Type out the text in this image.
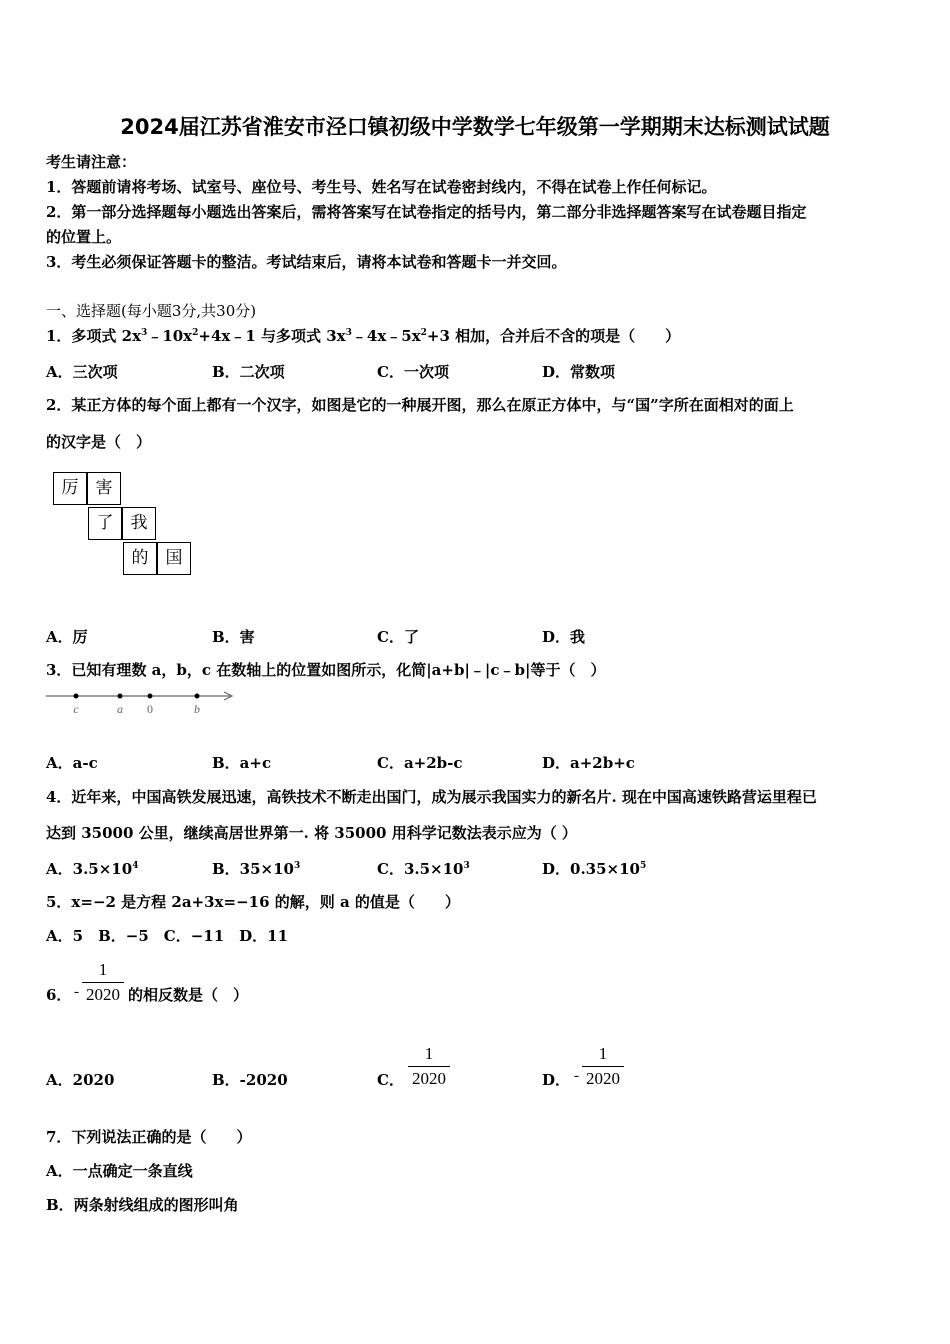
2024届江苏省淮安市泾口镇初级中学数学七年级第一学期期末达标测试试题
考生请注意：
1．答题前请将考场、试室号、座位号、考生号、姓名写在试卷密封线内，不得在试卷上作任何标记。
2．第一部分选择题每小题选出答案后，需将答案写在试卷指定的括号内，第二部分非选择题答案写在试卷题目指定
的位置上。
3．考生必须保证答题卡的整洁。考试结束后，请将本试卷和答题卡一并交回。
一、选择题(每小题3分,共30分)
1．多项式 $2x^3﹣10x^2+4x﹣1$ 与多项式 $3x^3﹣4x﹣5x^2+3$ 相加，合并后不含的项是（　　）
A．三次项	B．二次项	C．一次项	D．常数项
2．某正方体的每个面上都有一个汉字，如图是它的一种展开图，那么在原正方体中，与“国”字所在面相对的面上
的汉字是（　）
厉	害
了	我
的	国
A．厉	B．害	C．了	D．我
3．已知有理数 a，b，c 在数轴上的位置如图所示，化简|a+b|﹣|c﹣b|等于（　）
c	a 0	b
A．a-c	B．a+c	C．a+2b-c	D．a+2b+c
4．近年来，中国高铁发展迅速，高铁技术不断走出国门，成为展示我国实力的新名片. 现在中国高速铁路营运里程已
达到 35000 公里，继续高居世界第一. 将 35000 用科学记数法表示应为（ ）
A．$3.5\times 10^4$	B．$35\times 10^3$	C．$3.5\times 10^3$	D．$0.35\times 10^5$
5．x=−2 是方程 2a+3x=−16 的解，则 a 的值是（　　）
A．5　B．−5　C．−11　D．11
6． -
1
2020 的相反数是（　）
A．2020	B．-2020	C．
1
2020	D． -
1
2020
7．下列说法正确的是（　　）
A．一点确定一条直线
B．两条射线组成的图形叫角
